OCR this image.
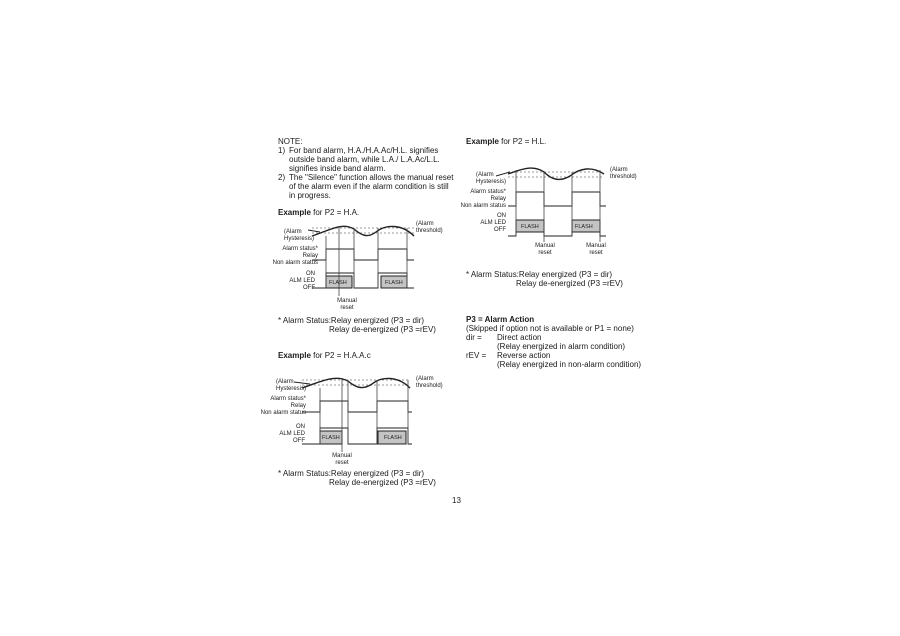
NOTE:
1) For band alarm, H.A./H.A.Ac/H.L. signifies
outside band alarm, while L.A./ L.A.Ac/L.L.
signifies inside band alarm.
2) The "Silence" function allows the manual reset
of the alarm even if the alarm condition is still
in progress.
Example for P2 = H.A.
(Alarm
Hysteresis)
(Alarm
threshold)
Alarm status*
Relay
Non alarm status
ON
ALM LED
OFF
FLASH	FLASH
Manual
reset
* Alarm Status:Relay energized (P3 = dir)
Relay de-energized (P3 =rEV)
Example for P2 = H.A.A.c
(Alarm
Hysteresis)
(Alarm
threshold)
Alarm status*
Relay
Non alarm status
ON
ALM LED
OFF	FLASH	FLASH
Manual
reset
* Alarm Status:Relay energized (P3 = dir)
Relay de-energized (P3 =rEV)
Example for P2 = H.L.
(Alarm
Hysteresis)
(Alarm
threshold)
Alarm status*
Relay
Non alarm status
ON
ALM LED
OFF	FLASH	FLASH
Manual
reset
Manual
reset
* Alarm Status:Relay energized (P3 = dir)
Relay de-energized (P3 =rEV)
P3 = Alarm Action
(Skipped if option not is available or P1 = none)
dir = Direct action
(Relay energized in alarm condition)
rEV = Reverse action
(Relay energized in non-alarm condition)
13
